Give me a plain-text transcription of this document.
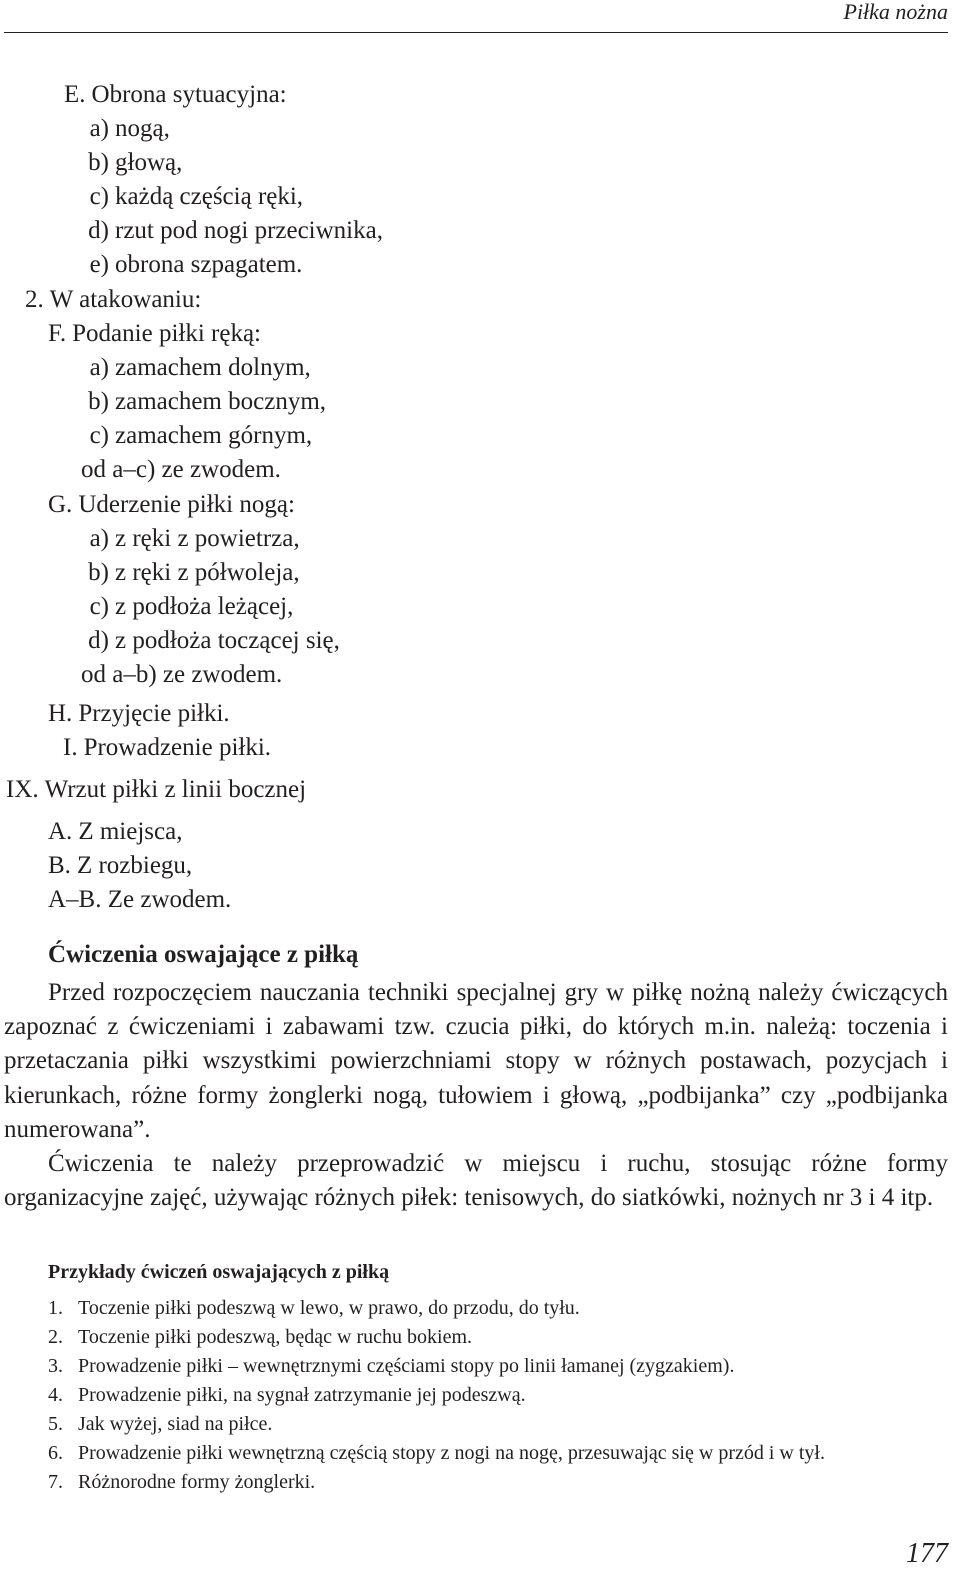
Piłka nożna
E. Obrona sytuacyjna:
a) nogą,
b) głową,
c) każdą częścią ręki,
d) rzut pod nogi przeciwnika,
e) obrona szpagatem.
2. W atakowaniu:
F. Podanie piłki ręką:
a) zamachem dolnym,
b) zamachem bocznym,
c) zamachem górnym,
od a–c) ze zwodem.
G. Uderzenie piłki nogą:
a) z ręki z powietrza,
b) z ręki z półwoleja,
c) z podłoża leżącej,
d) z podłoża toczącej się,
od a–b) ze zwodem.
H. Przyjęcie piłki.
I. Prowadzenie piłki.
IX. Wrzut piłki z linii bocznej
A. Z miejsca,
B. Z rozbiegu,
A–B. Ze zwodem.
Ćwiczenia oswajające z piłką
Przed rozpoczęciem nauczania techniki specjalnej gry w piłkę nożną należy ćwiczących zapoznać z ćwiczeniami i zabawami tzw. czucia piłki, do których m.in. należą: toczenia i przetaczania piłki wszystkimi powierzchniami stopy w różnych postawach, pozycjach i kierunkach, różne formy żonglerki nogą, tułowiem i głową, „podbijanka” czy „podbijanka numerowana”.
Ćwiczenia te należy przeprowadzić w miejscu i ruchu, stosując różne formy organizacyjne zajęć, używając różnych piłek: tenisowych, do siatkówki, nożnych nr 3 i 4 itp.
Przykłady ćwiczeń oswajających z piłką
1. Toczenie piłki podeszwą w lewo, w prawo, do przodu, do tyłu.
2. Toczenie piłki podeszwą, będąc w ruchu bokiem.
3. Prowadzenie piłki – wewnętrznymi częściami stopy po linii łamanej (zygzakiem).
4. Prowadzenie piłki, na sygnał zatrzymanie jej podeszwą.
5. Jak wyżej, siad na piłce.
6. Prowadzenie piłki wewnętrzną częścią stopy z nogi na nogę, przesuwając się w przód i w tył.
7. Różnorodne formy żonglerki.
177
